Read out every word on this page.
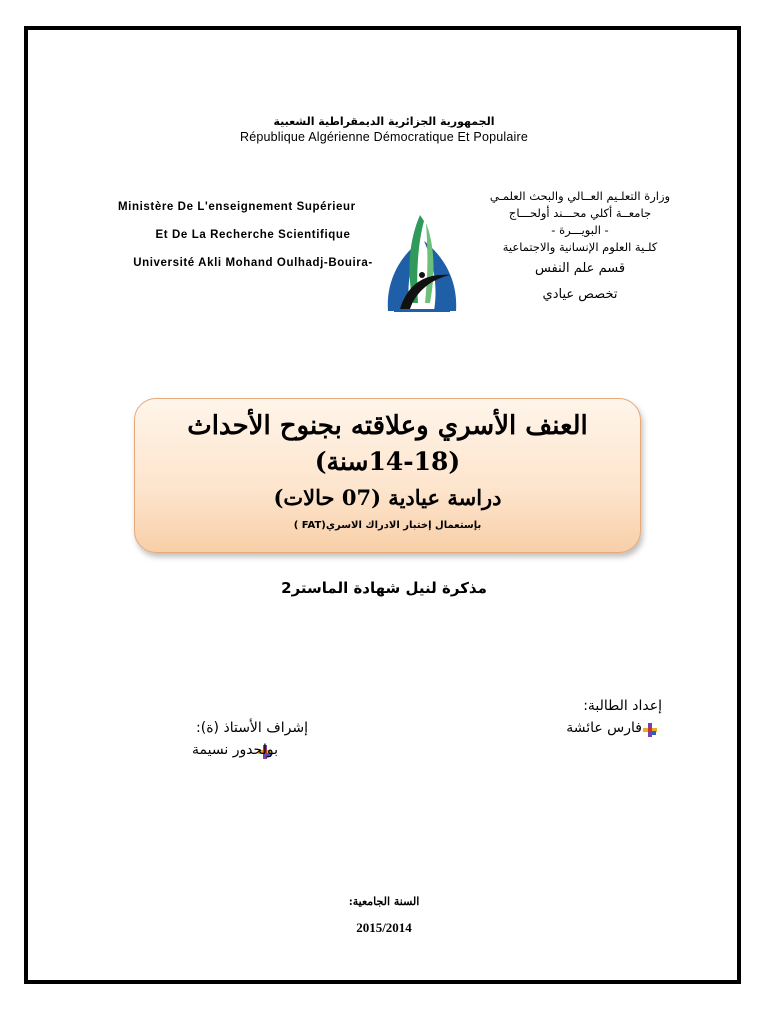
الجمهورية الجزائرية الديمقراطية الشعبية
République Algérienne Démocratique Et Populaire
Ministère De L'enseignement Supérieur
Et De La Recherche Scientifique
Université Akli Mohand Oulhadj-Bouira-
وزارة التعلـيم العــالي والبحث العلمـي
جامعــة أكلي محـــند أولحـــاج
- البويـــرة -
كلـية العلوم الإنسانية والاجتماعية
قسم علم النفس
تخصص عيادي
العنف الأسري وعلاقته بجنوح الأحداث
(14-18سنة)
دراسة عيادية (07 حالات)
بإستعمال إختبار الادراك الاسري(FAT )
مذكرة لنيل شهادة الماستر2
إعداد الطالبة:
فارس عائشة
إشراف الأستاذ (ة):
بولحدور نسيمة
السنة الجامعية:
2015/2014
